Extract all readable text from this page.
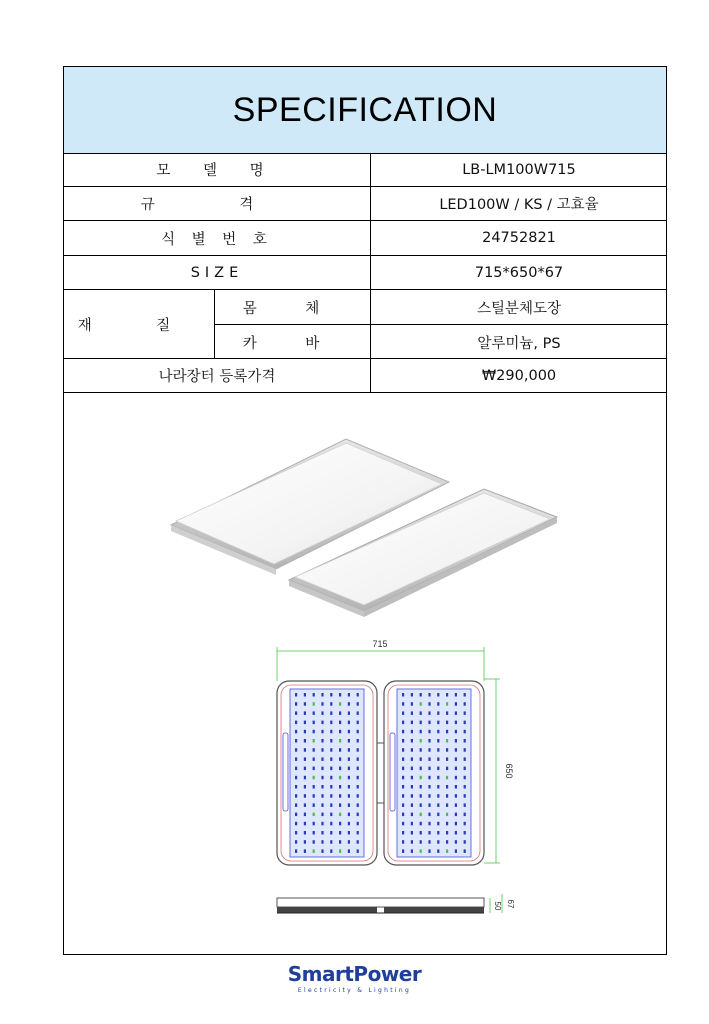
SPECIFICATION
모 델 명	LB-LM100W715
규 격	LED100W / KS / 고효율
식 별 번 호	24752821
SIZE	715*650*67
재 질
몸 체	스틸분체도장
카 바	알루미늄, PS
나라장터 등록가격	₩290,000
715
650
50 67
SmartPower
Electricity & Lighting
